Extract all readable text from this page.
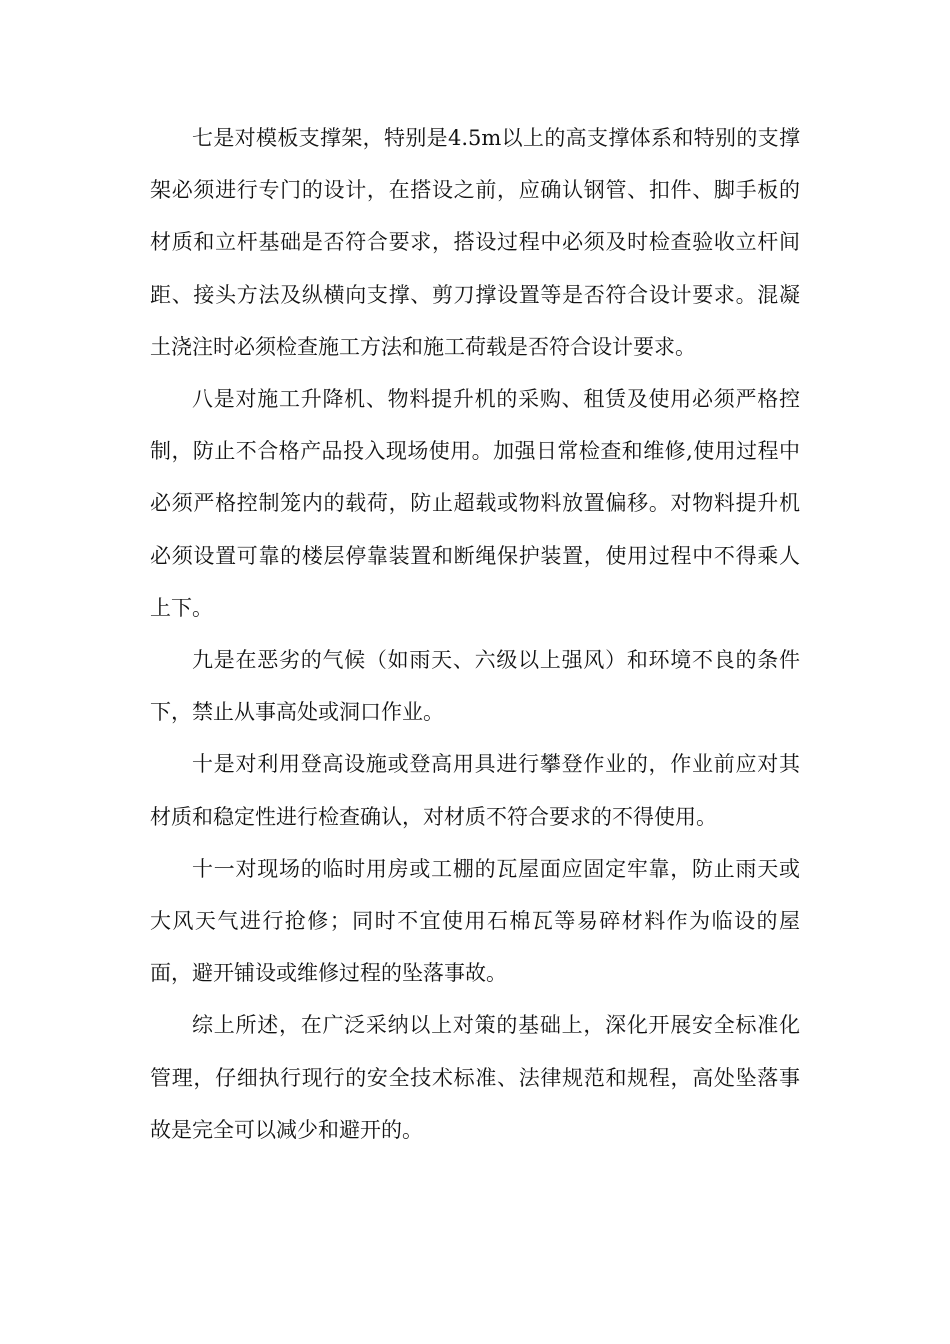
七是对模板支撑架，特别是4.5m以上的高支撑体系和特别的支撑架必须进行专门的设计，在搭设之前，应确认钢管、扣件、脚手板的材质和立杆基础是否符合要求，搭设过程中必须及时检查验收立杆间距、接头方法及纵横向支撑、剪刀撑设置等是否符合设计要求。混凝土浇注时必须检查施工方法和施工荷载是否符合设计要求。

八是对施工升降机、物料提升机的采购、租赁及使用必须严格控制，防止不合格产品投入现场使用。加强日常检查和维修,使用过程中必须严格控制笼内的载荷，防止超载或物料放置偏移。对物料提升机必须设置可靠的楼层停靠装置和断绳保护装置，使用过程中不得乘人上下。

九是在恶劣的气候（如雨天、六级以上强风）和环境不良的条件下，禁止从事高处或洞口作业。

十是对利用登高设施或登高用具进行攀登作业的，作业前应对其材质和稳定性进行检查确认，对材质不符合要求的不得使用。

十一对现场的临时用房或工棚的瓦屋面应固定牢靠，防止雨天或大风天气进行抢修；同时不宜使用石棉瓦等易碎材料作为临设的屋面，避开铺设或维修过程的坠落事故。

综上所述，在广泛采纳以上对策的基础上，深化开展安全标准化管理，仔细执行现行的安全技术标准、法律规范和规程，高处坠落事故是完全可以减少和避开的。
